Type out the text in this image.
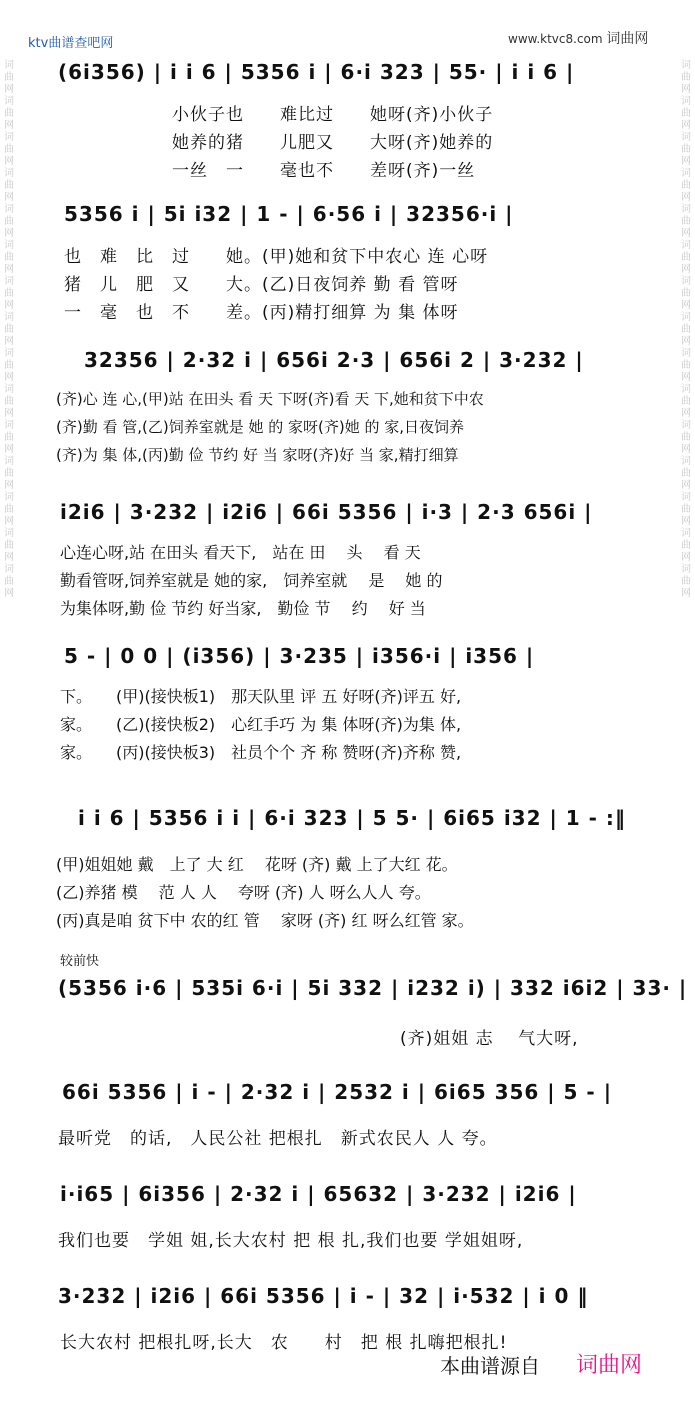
ktv曲谱查吧网	www.ktvc8.com 词曲网
词曲网词曲网词曲网词曲网词曲网词曲网词曲网词曲网词曲网词曲网词曲网词曲网词曲网词曲网词曲网
词曲网词曲网词曲网词曲网词曲网词曲网词曲网词曲网词曲网词曲网词曲网词曲网词曲网词曲网词曲网
(6i356) | i i 6 | 5356 i | 6·i 323 | 55· | i i 6 |
小伙子也　　难比过　　她呀(齐)小伙子
她养的猪　　儿肥又　　大呀(齐)她养的
一丝　一　　毫也不　　差呀(齐)一丝
5356 i | 5i i32 | 1 - | 6·56 i | 32356·i |
也　难　比　过　　她。(甲)她和贫下中农心 连 心呀
猪　儿　肥　又　　大。(乙)日夜饲养 勤 看 管呀
一　毫　也　不　　差。(丙)精打细算 为 集 体呀
32356 | 2·32 i | 656i 2·3 | 656i 2 | 3·232 |
(齐)心 连 心,(甲)站 在田头 看 天 下呀(齐)看 天 下,她和贫下中农
(齐)勤 看 管,(乙)饲养室就是 她 的 家呀(齐)她 的 家,日夜饲养
(齐)为 集 体,(丙)勤 俭 节约 好 当 家呀(齐)好 当 家,精打细算
i2i6 | 3·232 | i2i6 | 66i 5356 | i·3 | 2·3 656i |
心连心呀,站 在田头 看天下,　站在 田　 头　 看 天
勤看管呀,饲养室就是 她的家,　饲养室就　 是　 她 的
为集体呀,勤 俭 节约 好当家,　勤俭 节　 约　 好 当
5 - | 0 0 | (i356) | 3·235 | i356·i | i356 |
下。　　(甲)(接快板1)　那天队里 评 五 好呀(齐)评五 好,
家。　　(乙)(接快板2)　心红手巧 为 集 体呀(齐)为集 体,
家。　　(丙)(接快板3)　社员个个 齐 称 赞呀(齐)齐称 赞,
i i 6 | 5356 i i | 6·i 323 | 5 5· | 6i65 i32 | 1 - :‖
(甲)姐姐她 戴　上了 大 红　 花呀 (齐) 戴 上了大红 花。
(乙)养猪 模　 范 人 人　 夸呀 (齐) 人 呀么人人 夸。
(丙)真是咱 贫下中 农的红 管　 家呀 (齐) 红 呀么红管 家。
较前快
(5356 i·6 | 535i 6·i | 5i 332 | i232 i) | 332 i6i2 | 33· |
(齐)姐姐 志　 气大呀,
66i 5356 | i - | 2·32 i | 2532 i | 6i65 356 | 5 - |
最听党　的话,　人民公社 把根扎　新式农民人 人 夸。
i·i65 | 6i356 | 2·32 i | 65632 | 3·232 | i2i6 |
我们也要　学姐 姐,长大农村 把 根 扎,我们也要 学姐姐呀,
3·232 | i2i6 | 66i 5356 | i - | 32 | i·532 | i 0 ‖
长大农村 把根扎呀,长大　农　　村　把 根 扎嗨把根扎!
本曲谱源自 词曲网
